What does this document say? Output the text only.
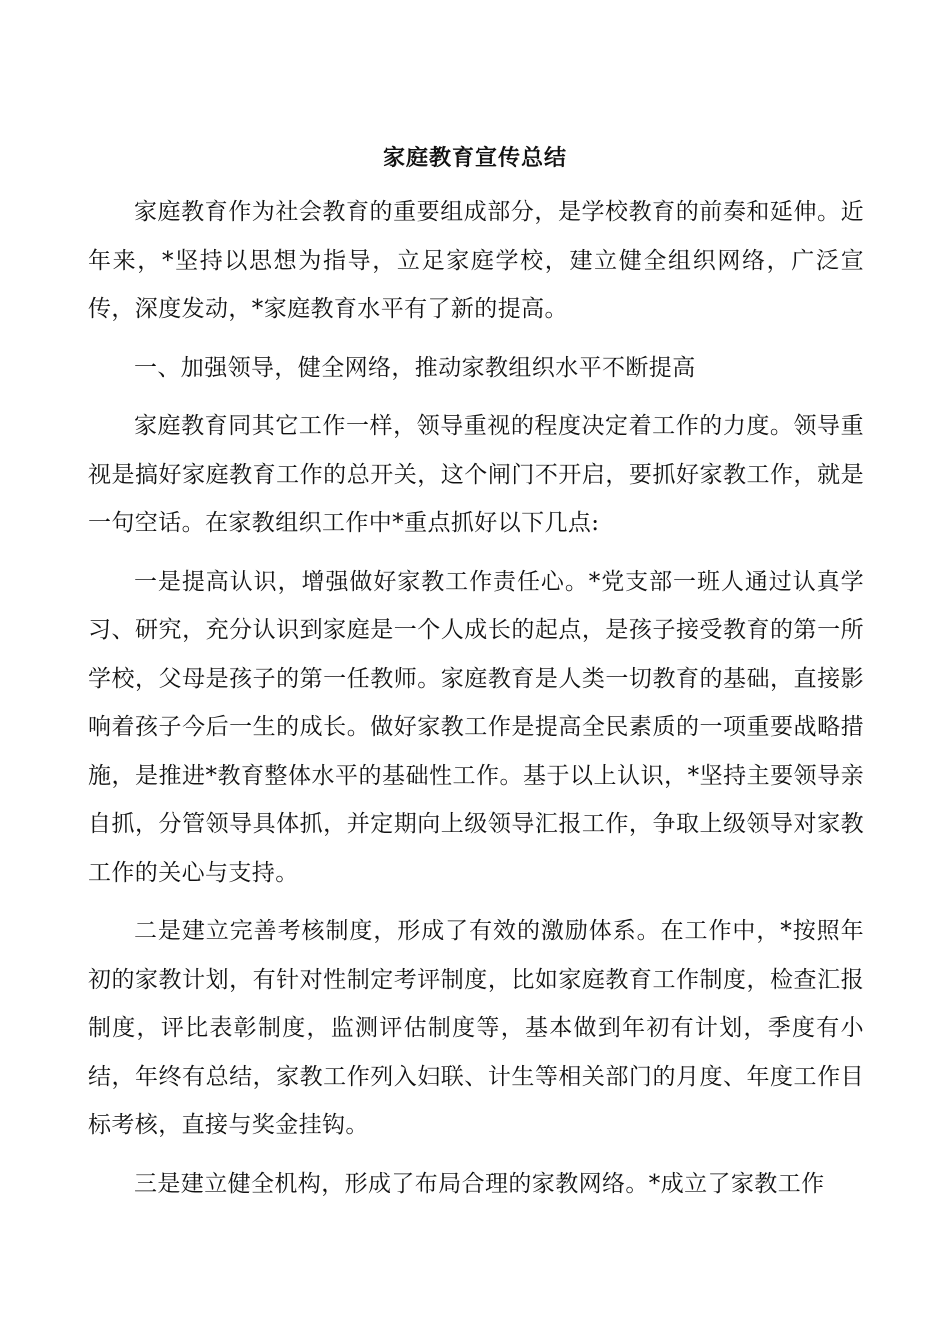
家庭教育宣传总结

家庭教育作为社会教育的重要组成部分，是学校教育的前奏和延伸。近年来，*坚持以思想为指导，立足家庭学校，建立健全组织网络，广泛宣传，深度发动，*家庭教育水平有了新的提高。

一、加强领导，健全网络，推动家教组织水平不断提高

家庭教育同其它工作一样，领导重视的程度决定着工作的力度。领导重视是搞好家庭教育工作的总开关，这个闸门不开启，要抓好家教工作，就是一句空话。在家教组织工作中*重点抓好以下几点:

一是提高认识，增强做好家教工作责任心。*党支部一班人通过认真学习、研究，充分认识到家庭是一个人成长的起点，是孩子接受教育的第一所学校，父母是孩子的第一任教师。家庭教育是人类一切教育的基础，直接影响着孩子今后一生的成长。做好家教工作是提高全民素质的一项重要战略措施，是推进*教育整体水平的基础性工作。基于以上认识，*坚持主要领导亲自抓，分管领导具体抓，并定期向上级领导汇报工作，争取上级领导对家教工作的关心与支持。

二是建立完善考核制度，形成了有效的激励体系。在工作中，*按照年初的家教计划，有针对性制定考评制度，比如家庭教育工作制度，检查汇报制度，评比表彰制度，监测评估制度等，基本做到年初有计划，季度有小结，年终有总结，家教工作列入妇联、计生等相关部门的月度、年度工作目标考核，直接与奖金挂钩。

三是建立健全机构，形成了布局合理的家教网络。*成立了家教工作
